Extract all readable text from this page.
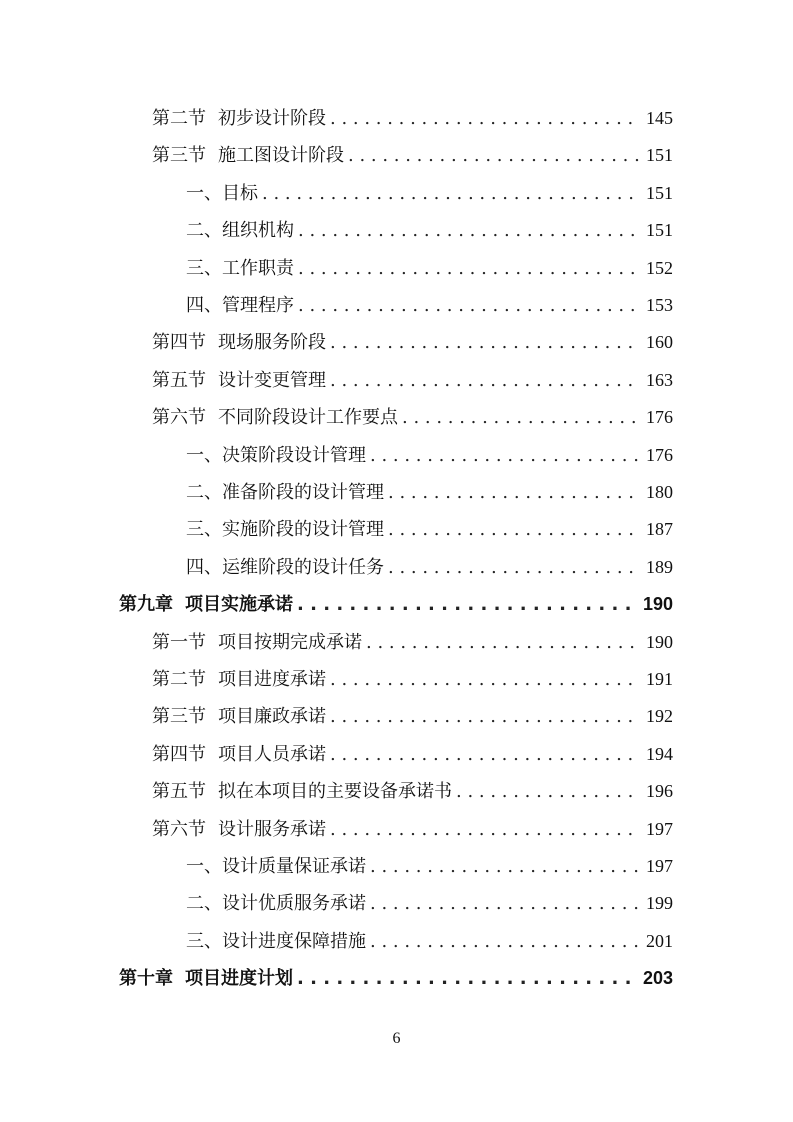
第二节 初步设计阶段 . . .	145
第三节 施工图设计阶段 . . .	151
一、 目标 . . .	151
二、 组织机构 . . .	151
三、 工作职责 . . .	152
四、 管理程序 . . .	153
第四节 现场服务阶段 . . .	160
第五节 设计变更管理 . . .	163
第六节 不同阶段设计工作要点 . . .	176
一、 决策阶段设计管理 . . .	176
二、 准备阶段的设计管理 . . .	180
三、 实施阶段的设计管理 . . .	187
四、 运维阶段的设计任务 . . .	189
第九章 项目实施承诺 . . .	190
第一节 项目按期完成承诺 . . .	190
第二节 项目进度承诺 . . .	191
第三节 项目廉政承诺 . . .	192
第四节 项目人员承诺 . . .	194
第五节 拟在本项目的主要设备承诺书 . . .	196
第六节 设计服务承诺 . . .	197
一、 设计质量保证承诺 . . .	197
二、 设计优质服务承诺 . . .	199
三、 设计进度保障措施 . . .	201
第十章 项目进度计划 . . .	203
6
